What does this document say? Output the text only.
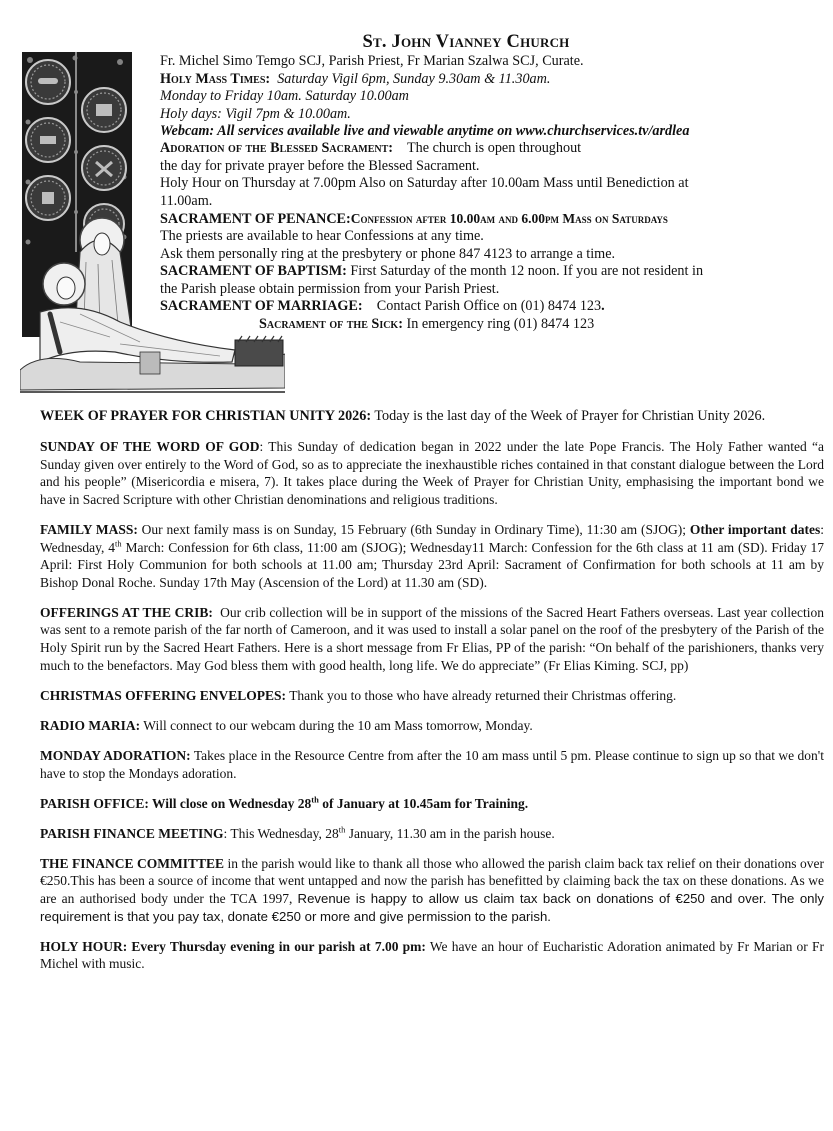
St. John Vianney Church

Fr. Michel Simo Temgo SCJ, Parish Priest, Fr Marian Szalwa SCJ, Curate.

Holy Mass Times: Saturday Vigil 6pm, Sunday 9.30am & 11.30am.

Monday to Friday 10am. Saturday 10.00am

Holy days: Vigil 7pm & 10.00am.

Webcam: All services available live and viewable anytime on www.churchservices.tv/ardlea

Adoration of the Blessed Sacrament: The church is open throughout

the day for private prayer before the Blessed Sacrament.

Holy Hour on Thursday at 7.00pm Also on Saturday after 10.00am Mass until Benediction at

11.00am.

SACRAMENT OF PENANCE:Confession after 10.00am and 6.00pm Mass on Saturdays

The priests are available to hear Confessions at any time.

Ask them personally ring at the presbytery or phone 847 4123 to arrange a time.

SACRAMENT OF BAPTISM: First Saturday of the month 12 noon. If you are not resident in

the Parish please obtain permission from your Parish Priest.

SACRAMENT OF MARRIAGE: Contact Parish Office on (01) 8474 123.

Sacrament of the Sick: In emergency ring (01) 8474 123

WEEK OF PRAYER FOR CHRISTIAN UNITY 2026: Today is the last day of the Week of Prayer for Christian Unity 2026.

SUNDAY OF THE WORD OF GOD: This Sunday of dedication began in 2022 under the late Pope Francis. The Holy Father wanted “a Sunday given over entirely to the Word of God, so as to appreciate the inexhaustible riches contained in that constant dialogue between the Lord and his people” (Misericordia e misera, 7). It takes place during the Week of Prayer for Christian Unity, emphasising the important bond we have in Sacred Scripture with other Christian denominations and religious traditions.

FAMILY MASS: Our next family mass is on Sunday, 15 February (6th Sunday in Ordinary Time), 11:30 am (SJOG); Other important dates: Wednesday, 4th March: Confession for 6th class, 11:00 am (SJOG); Wednesday11 March: Confession for the 6th class at 11 am (SD). Friday 17 April: First Holy Communion for both schools at 11.00 am; Thursday 23rd April: Sacrament of Confirmation for both schools at 11 am by Bishop Donal Roche. Sunday 17th May (Ascension of the Lord) at 11.30 am (SD).

OFFERINGS AT THE CRIB: Our crib collection will be in support of the missions of the Sacred Heart Fathers overseas. Last year collection was sent to a remote parish of the far north of Cameroon, and it was used to install a solar panel on the roof of the presbytery of the Parish of the Holy Spirit run by the Sacred Heart Fathers. Here is a short message from Fr Elias, PP of the parish: “On behalf of the parishioners, thanks very much to the benefactors. May God bless them with good health, long life. We do appreciate” (Fr Elias Kiming. SCJ, pp)

CHRISTMAS OFFERING ENVELOPES: Thank you to those who have already returned their Christmas offering.

RADIO MARIA: Will connect to our webcam during the 10 am Mass tomorrow, Monday.

MONDAY ADORATION: Takes place in the Resource Centre from after the 10 am mass until 5 pm. Please continue to sign up so that we don't have to stop the Mondays adoration.

PARISH OFFICE: Will close on Wednesday 28th of January at 10.45am for Training.

PARISH FINANCE MEETING: This Wednesday, 28th January, 11.30 am in the parish house.

THE FINANCE COMMITTEE in the parish would like to thank all those who allowed the parish claim back tax relief on their donations over €250.This has been a source of income that went untapped and now the parish has benefitted by claiming back the tax on these donations. As we are an authorised body under the TCA 1997, Revenue is happy to allow us claim tax back on donations of €250 and over. The only requirement is that you pay tax, donate €250 or more and give permission to the parish.

HOLY HOUR: Every Thursday evening in our parish at 7.00 pm: We have an hour of Eucharistic Adoration animated by Fr Marian or Fr Michel with music.
